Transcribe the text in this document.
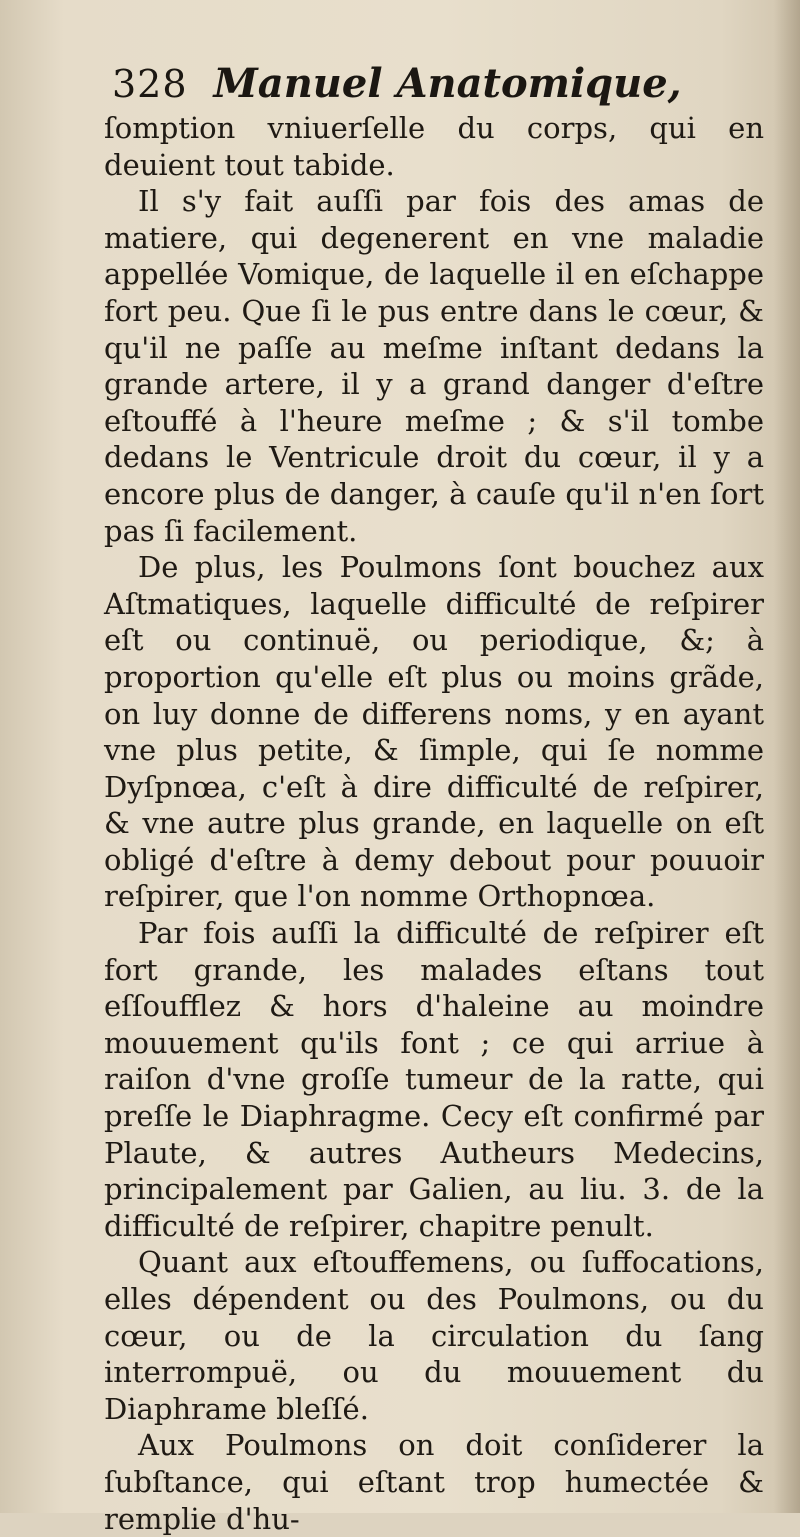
328 Manuel Anatomique,

ſomption vniuerſelle du corps, qui en deuient tout tabide.

Il s'y fait auſſi par fois des amas de matiere, qui degenerent en vne maladie appellée Vomique, de laquelle il en eſchappe fort peu. Que ſi le pus entre dans le cœur, & qu'il ne paſſe au meſme inſtant dedans la grande artere, il y a grand danger d'eſtre eſtouffé à l'heure meſme ; & s'il tombe dedans le Ventricule droit du cœur, il y a encore plus de danger, à cauſe qu'il n'en ſort pas ſi facilement.

De plus, les Poulmons ſont bouchez aux Aſtmatiques, laquelle difficulté de reſpirer eſt ou continuë, ou periodique, &; à proportion qu'elle eſt plus ou moins grãde, on luy donne de differens noms, y en ayant vne plus petite, & ſimple, qui ſe nomme Dyſpnœa, c'eſt à dire difficulté de reſpirer, & vne autre plus grande, en laquelle on eſt obligé d'eſtre à demy debout pour pouuoir reſpirer, que l'on nomme Orthopnœa.

Par fois auſſi la difficulté de reſpirer eſt fort grande, les malades eſtans tout eſſoufflez & hors d'haleine au moindre mouuement qu'ils font ; ce qui arriue à raiſon d'vne groſſe tumeur de la ratte, qui preſſe le Diaphragme. Cecy eſt confirmé par Plaute, & autres Autheurs Medecins, principalement par Galien, au liu. 3. de la difficulté de reſpirer, chapitre penult.

Quant aux eſtouffemens, ou ſuffocations, elles dépendent ou des Poulmons, ou du cœur, ou de la circulation du ſang interrompuë, ou du mouuement du Diaphrame bleſſé.

Aux Poulmons on doit conſiderer la ſubſtance, qui eſtant trop humectée & remplie d'hu-
